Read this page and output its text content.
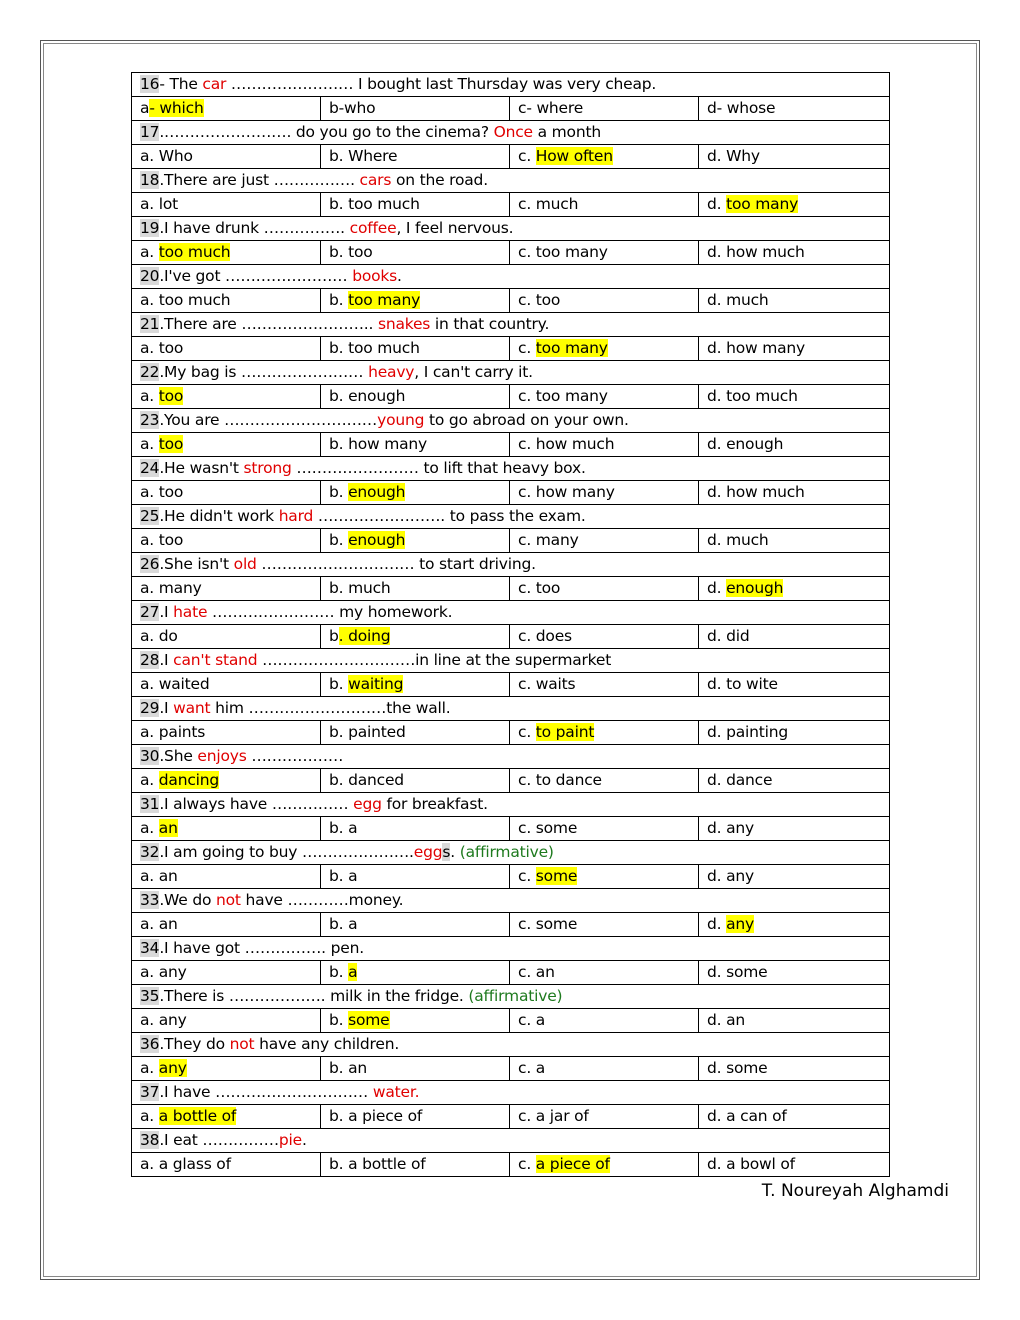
16- The car …………………… I bought last Thursday was very cheap.			
a- which	b-who	c- where	d- whose
17.……………………. do you go to the cinema? Once a month			
a. Who	b. Where	c. How often	d. Why
18.There are just ……………. cars on the road.			
a. lot	b. too much	c. much	d. too many
19.I have drunk ……………. coffee, I feel nervous.			
a. too much	b. too	c. too many	d. how much
20.I've got …………………… books.			
a. too much	b. too many	c. too	d. much
21.There are …………………….. snakes in that country.			
a. too	b. too much	c. too many	d. how many
22.My bag is …………………… heavy, I can't carry it.			
a. too	b. enough	c. too many	d. too much
23.You are …………………………young to go abroad on your own.			
a. too	b. how many	c. how much	d. enough
24.He wasn't strong …………………… to lift that heavy box.			
a. too	b. enough	c. how many	d. how much
25.He didn't work hard ……………………. to pass the exam.			
a. too	b. enough	c. many	d. much
26.She isn't old ………………………… to start driving.			
a. many	b. much	c. too	d. enough
27.I hate …………………… my homework.			
a. do	b. doing	c. does	d. did
28.I can't stand …………………………in line at the supermarket			
a. waited	b. waiting	c. waits	d. to wite
29.I want him ………………………the wall.			
a. paints	b. painted	c. to paint	d. painting
30.She enjoys ………………			
a. dancing	b. danced	c. to dance	d. dance
31.I always have …………… egg for breakfast.			
a. an	b. a	c. some	d. any
32.I am going to buy ………………….eggs. (affirmative)			
a. an	b. a	c. some	d. any
33.We do not have …………money.			
a. an	b. a	c. some	d. any
34.I have got ……………. pen.			
a. any	b. a	c. an	d. some
35.There is ………………. milk in the fridge. (affirmative)			
a. any	b. some	c. a	d. an
36.They do not have any children.			
a. any	b. an	c. a	d. some
37.I have ………………………… water.			
a. a bottle of	b. a piece of	c. a jar of	d. a can of
38.I eat ……………pie.			
a. a glass of	b. a bottle of	c. a piece of	d. a bowl of
T. Noureyah Alghamdi
